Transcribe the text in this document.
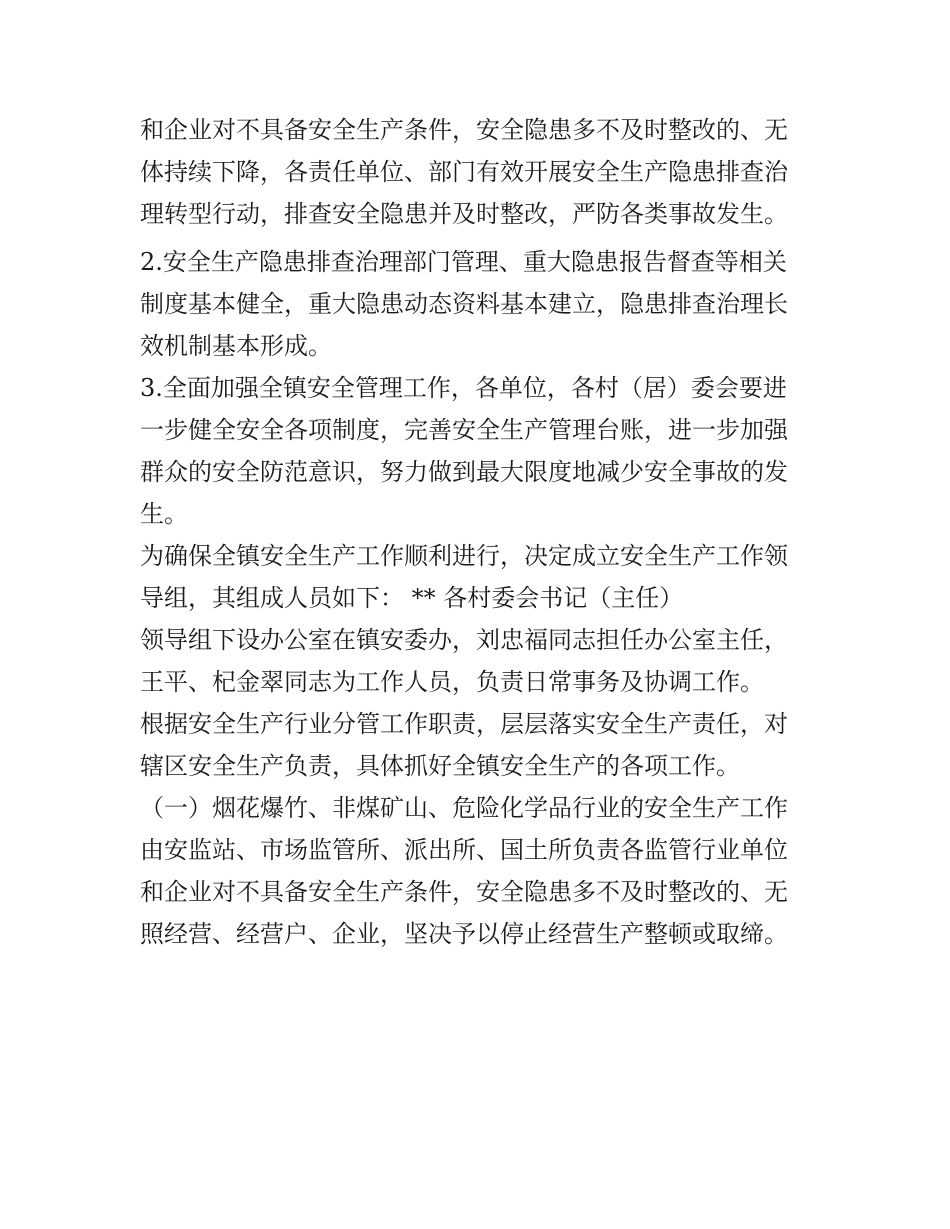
和企业对不具备安全生产条件，安全隐患多不及时整改的、无
体持续下降，各责任单位、部门有效开展安全生产隐患排查治
理转型行动，排查安全隐患并及时整改，严防各类事故发生。
2.安全生产隐患排查治理部门管理、重大隐患报告督查等相关
制度基本健全，重大隐患动态资料基本建立，隐患排查治理长
效机制基本形成。
3.全面加强全镇安全管理工作，各单位，各村（居）委会要进
一步健全安全各项制度，完善安全生产管理台账，进一步加强
群众的安全防范意识，努力做到最大限度地减少安全事故的发
生。
为确保全镇安全生产工作顺利进行，决定成立安全生产工作领
导组，其组成人员如下： ** 各村委会书记（主任）
领导组下设办公室在镇安委办，刘忠福同志担任办公室主任，
王平、杞金翠同志为工作人员，负责日常事务及协调工作。
根据安全生产行业分管工作职责，层层落实安全生产责任，对
辖区安全生产负责，具体抓好全镇安全生产的各项工作。
（一）烟花爆竹、非煤矿山、危险化学品行业的安全生产工作
由安监站、市场监管所、派出所、国土所负责各监管行业单位
和企业对不具备安全生产条件，安全隐患多不及时整改的、无
照经营、经营户、企业，坚决予以停止经营生产整顿或取缔。
